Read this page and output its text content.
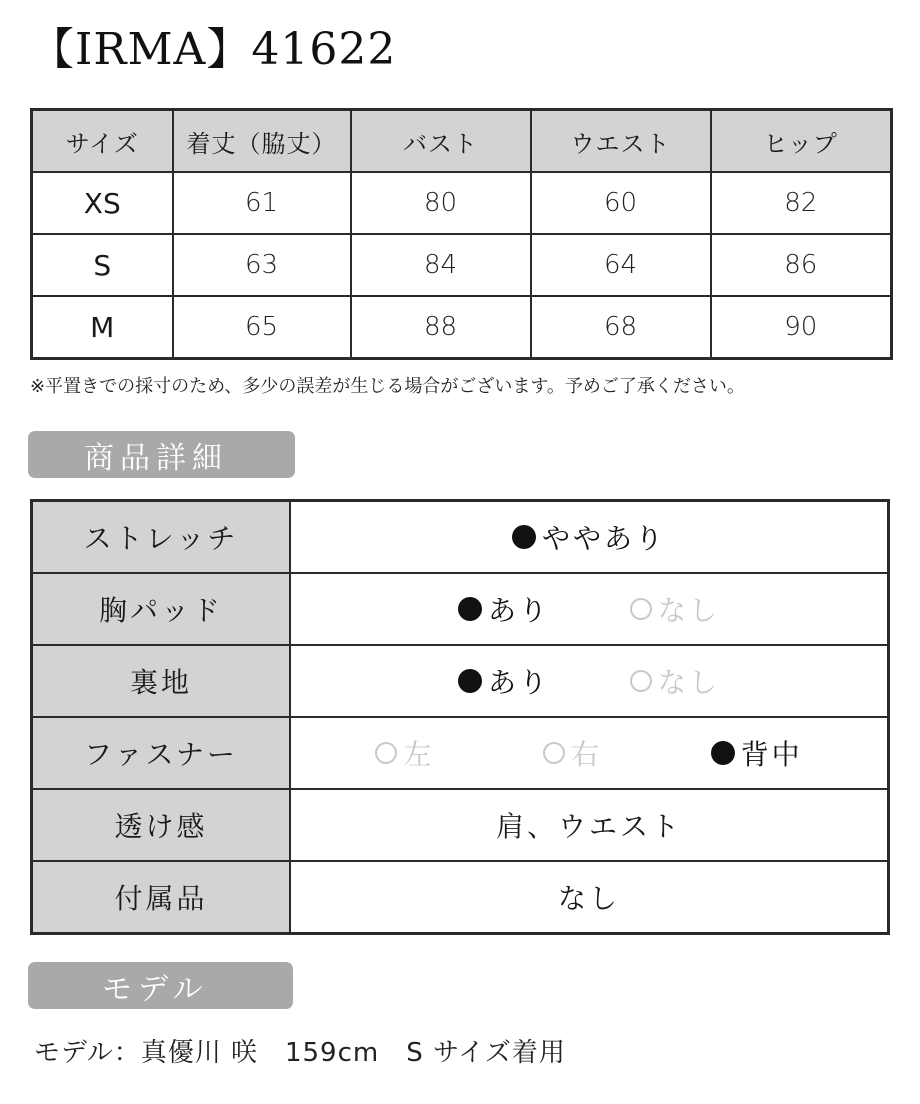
【IRMA】41622
サイズ	着丈（脇丈）	バスト	ウエスト	ヒップ
XS	61	80	60	82
S	63	84	64	86
M	65	88	68	90
※平置きでの採寸のため、多少の誤差が生じる場合がございます。予めご了承ください。
商品詳細
ストレッチ	ややあり

胸パッド	あり なし

裏地	あり なし

ファスナー	左 右 背中

透け感	肩、ウエスト
付属品	なし
モデル
モデル：真優川 咲　159cm　S サイズ着用
